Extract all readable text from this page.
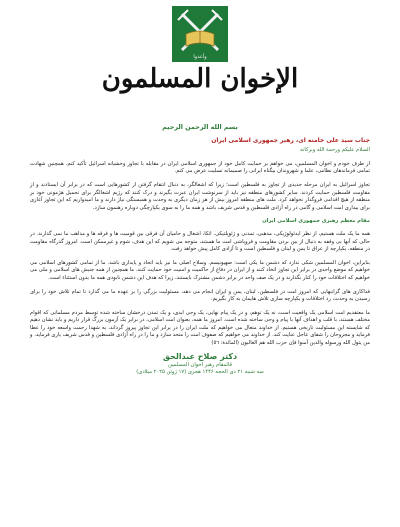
وأعدوا
الإخوان المسلمون
بسم الله الرحمن الرحيم
جناب سید علی خامنه ای، رهبر جمهوری اسلامی ایران
السلام علیکم ورحمة الله وبرکاته

از طرف خودم و اخوان المسلمین، می خواهم بر حمایت کامل خود از جمهوری اسلامی ایران در مقابله با تجاوز وحشیانه اسرائیل تأکید کنم. همچنین شهادت تمامی فرماندهان نظامی، علما و شهروندان بیگناه ایرانی را صمیمانه تسلیت عرض می کنم.

تجاوز اسرائیل به ایران مرحله جدیدی از تجاوز به فلسطین است؛ زیرا که اشغالگر، به دنبال انتقام گرفتن از کشورهایی است که در برابر آن ایستادند و از مقاومت فلسطین حمایت کردند. سایر کشورهای منطقه نیز باید از سرنوشت ایران عبرت بگیرند و درک کنند که رژیم اشغالگر برای تحمیل هژمونی خود بر منطقه از هیچ اقدامی فروگذار نخواهد کرد. ملت های منطقه امروز بیش از هر زمان دیگری به وحدت و همبستگی نیاز دارند و ما امیدواریم که این تجاوز آغازی برای بیداری امت اسلامی و گامی در راه آزادی فلسطین و قدس شریف باشد و همه ما را به سوی یکپارچگی دوباره رهنمون سازد.

مقام معظم رهبری جمهوری اسلامی ایران

همه ما یک ملت هستیم، از نظر ایدئولوژیکی، مذهبی، تمدنی و ژئوپلتیکی. اتکا، اشغال و حامیان آن فرقی بین قومیت ها و فرقه ها و مذاهب ما نمی گذارند. در حالی که آنها بی وقفه به دنبال از بین بردن مقاومت و فروپاشی امت ما هستند، متوجه می شویم که این هدف، شوم و غیرممکن است. امروز گذرگاه مقاومت در منطقه، یکپارچه از عراق تا یمن و لبنان و فلسطین است و تا آزادی کامل پیش خواهد رفت.

بنابراین، اخوان المسلمین شکی ندارد که دشمن ما یکی است: صهیونیسم. وسلاح اصلی ما نیز باید اتحاد و پایداری باشد. ما از تمامی کشورهای اسلامی می خواهیم که موضع واحدی در برابر این تجاوز اتخاذ کنند و از ایران در دفاع از حاکمیت و امنیت خود حمایت کنند. ما همچنین از همه جنبش های اسلامی و ملی می خواهیم که اختلافات خود را کنار بگذارند و در یک صف واحد در برابر دشمن مشترک بایستند، زیرا که هدف این دشمن نابودی همه ما بدون استثناء است.

فداکاری های گرانبهایی که امروز امت در فلسطین، لبنان، یمن و ایران انجام می دهد، مسئولیت بزرگی را بر عهده ما می گذارد تا تمام تلاش خود را برای رسیدن به وحدت، رد اختلافات و یکپارچه سازی تلاش هایمان به کار بگیریم.

ما معتقدیم امت اسلامی یک واقعیت است، نه یک توهم، و در یک پیام نهایی، یک وحی ابدی، و یک تمدن درخشان ساخته شده توسط مردم مسلمانی که اقوام مختلف هستند، با قلب و اهداف آنها با پیام و وحی ساخته شده است. امروز ما همه، بعنوان امت اسلامی، در برابر یک آزمون بزرگ قرار داریم و باید نشان دهیم که شایسته این مسئولیت تاریخی هستیم. از خداوند متعال می خواهیم که ملت ایران را در برابر این تجاوز پیروز گرداند، به شهدا رحمت واسعه خود را عطا فرماید و مجروحان را شفای عاجل عنایت کند. از خداوند می خواهیم که صفوف امت را متحد سازد و ما را در راه آزادی فلسطین و قدس شریف یاری فرماید. و من يتول الله ورسوله والذين آمنوا فإن حزب الله هم الغالبون (المائدة: ٥٦)

دکتر صلاح عبدالحق
قائمقام رهبر اخوان المسلمین
سه شنبه ۲۱ ذی الحجه ۱۴۴۶ هجری (۱۷ ژوئن ۲۰۲۵ میلادی)
